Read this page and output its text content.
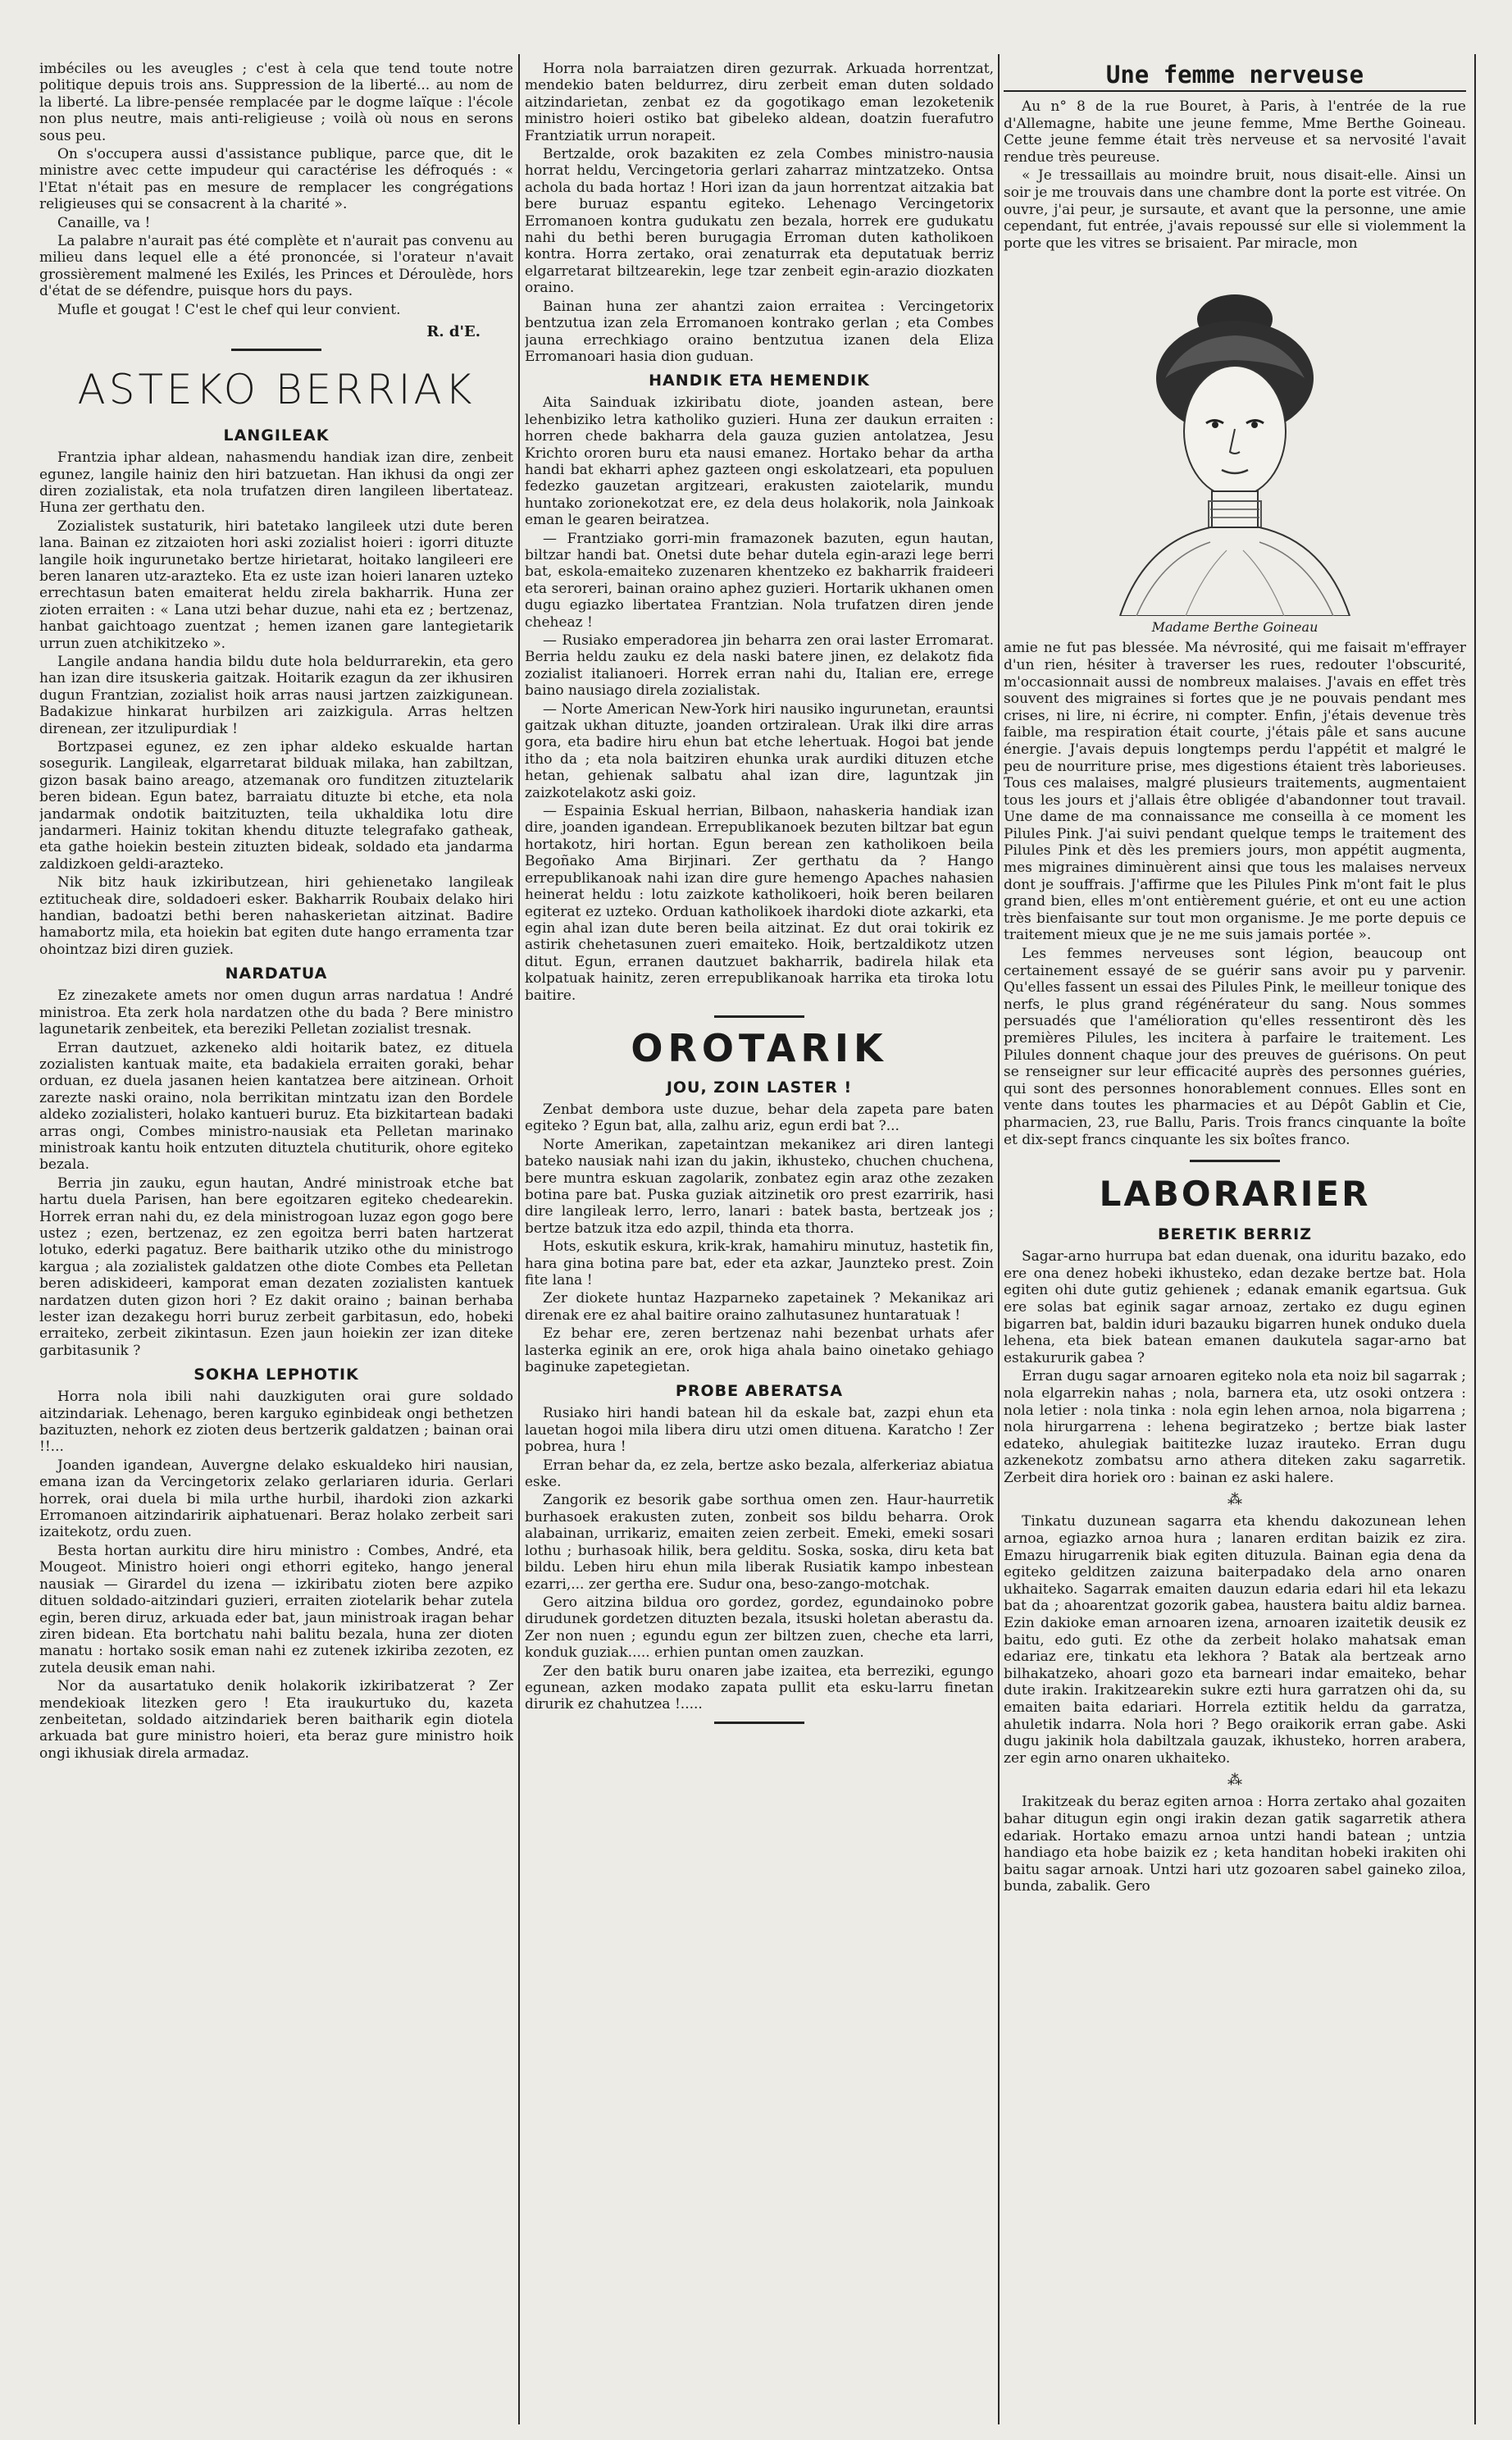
imbéciles ou les aveugles ; c'est à cela que tend toute notre politique depuis trois ans. Suppression de la liberté... au nom de la liberté. La libre-pensée remplacée par le dogme laïque : l'école non plus neutre, mais anti-religieuse ; voilà où nous en serons sous peu.

On s'occupera aussi d'assistance publique, parce que, dit le ministre avec cette impudeur qui caractérise les défroqués : « l'Etat n'était pas en mesure de remplacer les congrégations religieuses qui se consacrent à la charité ».

Canaille, va !

La palabre n'aurait pas été complète et n'aurait pas convenu au milieu dans lequel elle a été prononcée, si l'orateur n'avait grossièrement malmené les Exilés, les Princes et Déroulède, hors d'état de se défendre, puisque hors du pays.

Mufle et gougat ! C'est le chef qui leur convient.

R. d'E.
ASTEKO BERRIAK
LANGILEAK

Frantzia iphar aldean, nahasmendu handiak izan dire, zenbeit egunez, langile hainiz den hiri batzuetan. Han ikhusi da ongi zer diren zozialistak, eta nola trufatzen diren langileen libertateaz. Huna zer gerthatu den.

Zozialistek sustaturik, hiri batetako langileek utzi dute beren lana. Bainan ez zitzaioten hori aski zozialist hoieri : igorri dituzte langile hoik ingurunetako bertze hirietarat, hoitako langileeri ere beren lanaren utz-arazteko. Eta ez uste izan hoieri lanaren uzteko errechtasun baten emaiterat heldu zirela bakharrik. Huna zer zioten erraiten : « Lana utzi behar duzue, nahi eta ez ; bertzenaz, hanbat gaichtoago zuentzat ; hemen izanen gare lantegietarik urrun zuen atchikitzeko ».

Langile andana handia bildu dute hola beldurrarekin, eta gero han izan dire itsuskeria gaitzak. Hoitarik ezagun da zer ikhusiren dugun Frantzian, zozialist hoik arras nausi jartzen zaizkigunean. Badakizue hinkarat hurbilzen ari zaizkigula. Arras heltzen direnean, zer itzulipurdiak !

Bortzpasei egunez, ez zen iphar aldeko eskualde hartan sosegurik. Langileak, elgarretarat bilduak milaka, han zabiltzan, gizon basak baino areago, atzemanak oro funditzen zituztelarik beren bidean. Egun batez, barraiatu dituzte bi etche, eta nola jandarmak ondotik baitzituzten, teila ukhaldika lotu dire jandarmeri. Hainiz tokitan khendu dituzte telegrafako gatheak, eta gathe hoiekin bestein zituzten bideak, soldado eta jandarma zaldizkoen geldi-arazteko.

Nik bitz hauk izkiributzean, hiri gehienetako langileak eztitucheak dire, soldadoeri esker. Bakharrik Roubaix delako hiri handian, badoatzi bethi beren nahaskerietan aitzinat. Badire hamabortz mila, eta hoiekin bat egiten dute hango erramenta tzar ohointzaz bizi diren guziek.

NARDATUA

Ez zinezakete amets nor omen dugun arras nardatua ! André ministroa. Eta zerk hola nardatzen othe du bada ? Bere ministro lagunetarik zenbeitek, eta bereziki Pelletan zozialist tresnak.

Erran dautzuet, azkeneko aldi hoitarik batez, ez dituela zozialisten kantuak maite, eta badakiela erraiten goraki, behar orduan, ez duela jasanen heien kantatzea bere aitzinean. Orhoit zarezte naski oraino, nola berrikitan mintzatu izan den Bordele aldeko zozialisteri, holako kantueri buruz. Eta bizkitartean badaki arras ongi, Combes ministro-nausiak eta Pelletan marinako ministroak kantu hoik entzuten dituztela chutiturik, ohore egiteko bezala.

Berria jin zauku, egun hautan, André ministroak etche bat hartu duela Parisen, han bere egoitzaren egiteko chedearekin. Horrek erran nahi du, ez dela ministrogoan luzaz egon gogo bere ustez ; ezen, bertzenaz, ez zen egoitza berri baten hartzerat lotuko, ederki pagatuz. Bere baitharik utziko othe du ministrogo kargua ; ala zozialistek galdatzen othe diote Combes eta Pelletan beren adiskideeri, kamporat eman dezaten zozialisten kantuek nardatzen duten gizon hori ? Ez dakit oraino ; bainan berhaba lester izan dezakegu horri buruz zerbeit garbitasun, edo, hobeki erraiteko, zerbeit zikintasun. Ezen jaun hoiekin zer izan diteke garbitasunik ?

SOKHA LEPHOTIK

Horra nola ibili nahi dauzkiguten orai gure soldado aitzindariak. Lehenago, beren karguko eginbideak ongi bethetzen bazituzten, nehork ez zioten deus bertzerik galdatzen ; bainan orai !!...

Joanden igandean, Auvergne delako eskualdeko hiri nausian, emana izan da Vercingetorix zelako gerlariaren iduria. Gerlari horrek, orai duela bi mila urthe hurbil, ihardoki zion azkarki Erromanoen aitzindaririk aiphatuenari. Beraz holako zerbeit sari izaitekotz, ordu zuen.

Besta hortan aurkitu dire hiru ministro : Combes, André, eta Mougeot. Ministro hoieri ongi ethorri egiteko, hango jeneral nausiak — Girardel du izena — izkiribatu zioten bere azpiko dituen soldado-aitzindari guzieri, erraiten ziotelarik behar zutela egin, beren diruz, arkuada eder bat, jaun ministroak iragan behar ziren bidean. Eta bortchatu nahi balitu bezala, huna zer dioten manatu : hortako sosik eman nahi ez zutenek izkiriba zezoten, ez zutela deusik eman nahi.

Nor da ausartatuko denik holakorik izkiribatzerat ? Zer mendekioak litezken gero ! Eta iraukurtuko du, kazeta zenbeitetan, soldado aitzindariek beren baitharik egin diotela arkuada bat gure ministro hoieri, eta beraz gure ministro hoik ongi ikhusiak direla armadaz.

Horra nola barraiatzen diren gezurrak. Arkuada horrentzat, mendekio baten beldurrez, diru zerbeit eman duten soldado aitzindarietan, zenbat ez da gogotikago eman lezoketenik ministro hoieri ostiko bat gibeleko aldean, doatzin fuerafutro Frantziatik urrun norapeit.

Bertzalde, orok bazakiten ez zela Combes ministro-nausia horrat heldu, Vercingetoria gerlari zaharraz mintzatzeko. Ontsa achola du bada hortaz ! Hori izan da jaun horrentzat aitzakia bat bere buruaz espantu egiteko. Lehenago Vercingetorix Erromanoen kontra gudukatu zen bezala, horrek ere gudukatu nahi du bethi beren burugagia Erroman duten katholikoen kontra. Horra zertako, orai zenaturrak eta deputatuak berriz elgarretarat biltzearekin, lege tzar zenbeit egin-arazio diozkaten oraino.

Bainan huna zer ahantzi zaion erraitea : Vercingetorix bentzutua izan zela Erromanoen kontrako gerlan ; eta Combes jauna errechkiago oraino bentzutua izanen dela Eliza Erromanoari hasia dion guduan.

HANDIK ETA HEMENDIK

Aita Sainduak izkiribatu diote, joanden astean, bere lehenbiziko letra katholiko guzieri. Huna zer daukun erraiten : horren chede bakharra dela gauza guzien antolatzea, Jesu Krichto ororen buru eta nausi emanez. Hortako behar da artha handi bat ekharri aphez gazteen ongi eskolatzeari, eta populuen fedezko gauzetan argitzeari, erakusten zaiotelarik, mundu huntako zorionekotzat ere, ez dela deus holakorik, nola Jainkoak eman le gearen beiratzea.

— Frantziako gorri-min framazonek bazuten, egun hautan, biltzar handi bat. Onetsi dute behar dutela egin-arazi lege berri bat, eskola-emaiteko zuzenaren khentzeko ez bakharrik fraideeri eta seroreri, bainan oraino aphez guzieri. Hortarik ukhanen omen dugu egiazko libertatea Frantzian. Nola trufatzen diren jende cheheaz !

— Rusiako emperadorea jin beharra zen orai laster Erromarat. Berria heldu zauku ez dela naski batere jinen, ez delakotz fida zozialist italianoeri. Horrek erran nahi du, Italian ere, errege baino nausiago direla zozialistak.

— Norte American New-York hiri nausiko ingurunetan, erauntsi gaitzak ukhan dituzte, joanden ortziralean. Urak ilki dire arras gora, eta badire hiru ehun bat etche lehertuak. Hogoi bat jende itho da ; eta nola baitziren ehunka urak aurdiki dituzen etche hetan, gehienak salbatu ahal izan dire, laguntzak jin zaizkotelakotz aski goiz.

— Espainia Eskual herrian, Bilbaon, nahaskeria handiak izan dire, joanden igandean. Errepublikanoek bezuten biltzar bat egun hortakotz, hiri hortan. Egun berean zen katholikoen beila Begoñako Ama Birjinari. Zer gerthatu da ? Hango errepublikanoak nahi izan dire gure hemengo Apaches nahasien heinerat heldu : lotu zaizkote katholikoeri, hoik beren beilaren egiterat ez uzteko. Orduan katholikoek ihardoki diote azkarki, eta egin ahal izan dute beren beila aitzinat. Ez dut orai tokirik ez astirik chehetasunen zueri emaiteko. Hoik, bertzaldikotz utzen ditut. Egun, erranen dautzuet bakharrik, badirela hilak eta kolpatuak hainitz, zeren errepublikanoak harrika eta tiroka lotu baitire.

OROTARIK
JOU, ZOIN LASTER !

Zenbat dembora uste duzue, behar dela zapeta pare baten egiteko ? Egun bat, alla, zalhu ariz, egun erdi bat ?...

Norte Amerikan, zapetaintzan mekanikez ari diren lantegi bateko nausiak nahi izan du jakin, ikhusteko, chuchen chuchena, bere muntra eskuan zagolarik, zonbatez egin araz othe zezaken botina pare bat. Puska guziak aitzinetik oro prest ezarririk, hasi dire langileak lerro, lerro, lanari : batek basta, bertzeak jos ; bertze batzuk itza edo azpil, thinda eta thorra.

Hots, eskutik eskura, krik-krak, hamahiru minutuz, hastetik fin, hara gina botina pare bat, eder eta azkar, Jaunzteko prest. Zoin fite lana !

Zer diokete huntaz Hazparneko zapetainek ? Mekanikaz ari direnak ere ez ahal baitire oraino zalhutasunez huntaratuak !

Ez behar ere, zeren bertzenaz nahi bezenbat urhats afer lasterka eginik an ere, orok higa ahala baino oinetako gehiago baginuke zapetegietan.

PROBE ABERATSA

Rusiako hiri handi batean hil da eskale bat, zazpi ehun eta lauetan hogoi mila libera diru utzi omen dituena. Karatcho ! Zer pobrea, hura !

Erran behar da, ez zela, bertze asko bezala, alferkeriaz abiatua eske.

Zangorik ez besorik gabe sorthua omen zen. Haur-haurretik burhasoek erakusten zuten, zonbeit sos bildu beharra. Orok alabainan, urrikariz, emaiten zeien zerbeit. Emeki, emeki sosari lothu ; burhasoak hilik, bera gelditu. Soska, soska, diru keta bat bildu. Leben hiru ehun mila liberak Rusiatik kampo inbestean ezarri,... zer gertha ere. Sudur ona, beso-zango-motchak.

Gero aitzina bildua oro gordez, gordez, egundainoko pobre dirudunek gordetzen dituzten bezala, itsuski holetan aberastu da. Zer non nuen ; egundu egun zer biltzen zuen, cheche eta larri, konduk guziak..... erhien puntan omen zauzkan.

Zer den batik buru onaren jabe izaitea, eta berreziki, egungo egunean, azken modako zapata pullit eta esku-larru finetan dirurik ez chahutzea !.....

Une femme nerveuse

Au n° 8 de la rue Bouret, à Paris, à l'entrée de la rue d'Allemagne, habite une jeune femme, Mme Berthe Goineau. Cette jeune femme était très nerveuse et sa nervosité l'avait rendue très peureuse.

« Je tressaillais au moindre bruit, nous disait-elle. Ainsi un soir je me trouvais dans une chambre dont la porte est vitrée. On ouvre, j'ai peur, je sursaute, et avant que la personne, une amie cependant, fut entrée, j'avais repoussé sur elle si violemment la porte que les vitres se brisaient. Par miracle, mon

Madame Berthe Goineau

amie ne fut pas blessée. Ma névrosité, qui me faisait m'effrayer d'un rien, hésiter à traverser les rues, redouter l'obscurité, m'occasionnait aussi de nombreux malaises. J'avais en effet très souvent des migraines si fortes que je ne pouvais pendant mes crises, ni lire, ni écrire, ni compter. Enfin, j'étais devenue très faible, ma respiration était courte, j'étais pâle et sans aucune énergie. J'avais depuis longtemps perdu l'appétit et malgré le peu de nourriture prise, mes digestions étaient très laborieuses. Tous ces malaises, malgré plusieurs traitements, augmentaient tous les jours et j'allais être obligée d'abandonner tout travail. Une dame de ma connaissance me conseilla à ce moment les Pilules Pink. J'ai suivi pendant quelque temps le traitement des Pilules Pink et dès les premiers jours, mon appétit augmenta, mes migraines diminuèrent ainsi que tous les malaises nerveux dont je souffrais. J'affirme que les Pilules Pink m'ont fait le plus grand bien, elles m'ont entièrement guérie, et ont eu une action très bienfaisante sur tout mon organisme. Je me porte depuis ce traitement mieux que je ne me suis jamais portée ».

Les femmes nerveuses sont légion, beaucoup ont certainement essayé de se guérir sans avoir pu y parvenir. Qu'elles fassent un essai des Pilules Pink, le meilleur tonique des nerfs, le plus grand régénérateur du sang. Nous sommes persuadés que l'amélioration qu'elles ressentiront dès les premières Pilules, les incitera à parfaire le traitement. Les Pilules donnent chaque jour des preuves de guérisons. On peut se renseigner sur leur efficacité auprès des personnes guéries, qui sont des personnes honorablement connues. Elles sont en vente dans toutes les pharmacies et au Dépôt Gablin et Cie, pharmacien, 23, rue Ballu, Paris. Trois francs cinquante la boîte et dix-sept francs cinquante les six boîtes franco.

LABORARIER
BERETIK BERRIZ

Sagar-arno hurrupa bat edan duenak, ona iduritu bazako, edo ere ona denez hobeki ikhusteko, edan dezake bertze bat. Hola egiten ohi dute gutiz gehienek ; edanak emanik egartsua. Guk ere solas bat eginik sagar arnoaz, zertako ez dugu eginen bigarren bat, baldin iduri bazauku bigarren hunek onduko duela lehena, eta biek batean emanen daukutela sagar-arno bat estakururik gabea ?

Erran dugu sagar arnoaren egiteko nola eta noiz bil sagarrak ; nola elgarrekin nahas ; nola, barnera eta, utz osoki ontzera : nola letier : nola tinka : nola egin lehen arnoa, nola bigarrena ; nola hirurgarrena : lehena begiratzeko ; bertze biak laster edateko, ahulegiak baititezke luzaz irauteko. Erran dugu azkenekotz zombatsu arno athera diteken zaku sagarretik. Zerbeit dira horiek oro : bainan ez aski halere.

⁂

Tinkatu duzunean sagarra eta khendu dakozunean lehen arnoa, egiazko arnoa hura ; lanaren erditan baizik ez zira. Emazu hirugarrenik biak egiten dituzula. Bainan egia dena da egiteko gelditzen zaizuna baiterpadako dela arno onaren ukhaiteko. Sagarrak emaiten dauzun edaria edari hil eta lekazu bat da ; ahoarentzat gozorik gabea, haustera baitu aldiz barnea. Ezin dakioke eman arnoaren izena, arnoaren izaitetik deusik ez baitu, edo guti. Ez othe da zerbeit holako mahatsak eman edariaz ere, tinkatu eta lekhora ? Batak ala bertzeak arno bilhakatzeko, ahoari gozo eta barneari indar emaiteko, behar dute irakin. Irakitzearekin sukre ezti hura garratzen ohi da, su emaiten baita edariari. Horrela eztitik heldu da garratza, ahuletik indarra. Nola hori ? Bego oraikorik erran gabe. Aski dugu jakinik hola dabiltzala gauzak, ikhusteko, horren arabera, zer egin arno onaren ukhaiteko.

⁂

Irakitzeak du beraz egiten arnoa : Horra zertako ahal gozaiten bahar ditugun egin ongi irakin dezan gatik sagarretik athera edariak. Hortako emazu arnoa untzi handi batean ; untzia handiago eta hobe baizik ez ; keta handitan hobeki irakiten ohi baitu sagar arnoak. Untzi hari utz gozoaren sabel gaineko ziloa, bunda, zabalik. Gero
